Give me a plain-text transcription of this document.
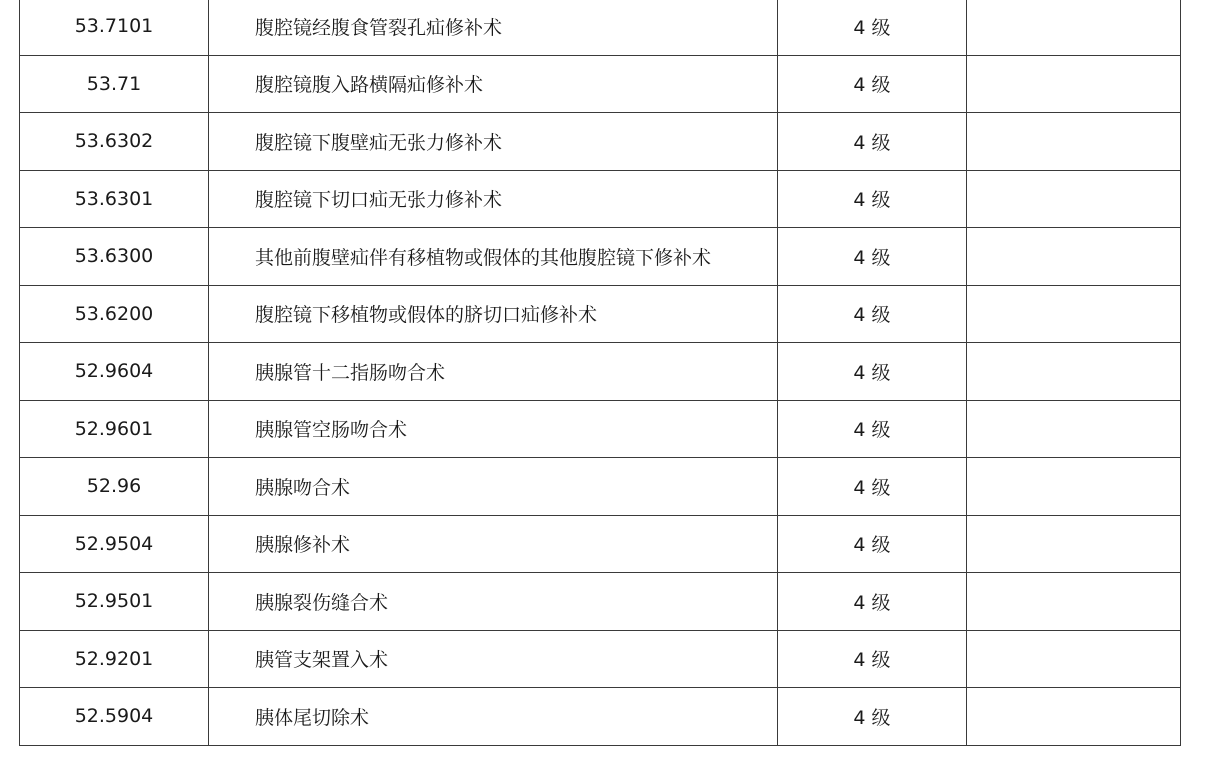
53.7101	腹腔镜经腹食管裂孔疝修补术	4 级	
53.71	腹腔镜腹入路横隔疝修补术	4 级	
53.6302	腹腔镜下腹壁疝无张力修补术	4 级	
53.6301	腹腔镜下切口疝无张力修补术	4 级	
53.6300	其他前腹壁疝伴有移植物或假体的其他腹腔镜下修补术	4 级	
53.6200	腹腔镜下移植物或假体的脐切口疝修补术	4 级	
52.9604	胰腺管十二指肠吻合术	4 级	
52.9601	胰腺管空肠吻合术	4 级	
52.96	胰腺吻合术	4 级	
52.9504	胰腺修补术	4 级	
52.9501	胰腺裂伤缝合术	4 级	
52.9201	胰管支架置入术	4 级	
52.5904	胰体尾切除术	4 级	
